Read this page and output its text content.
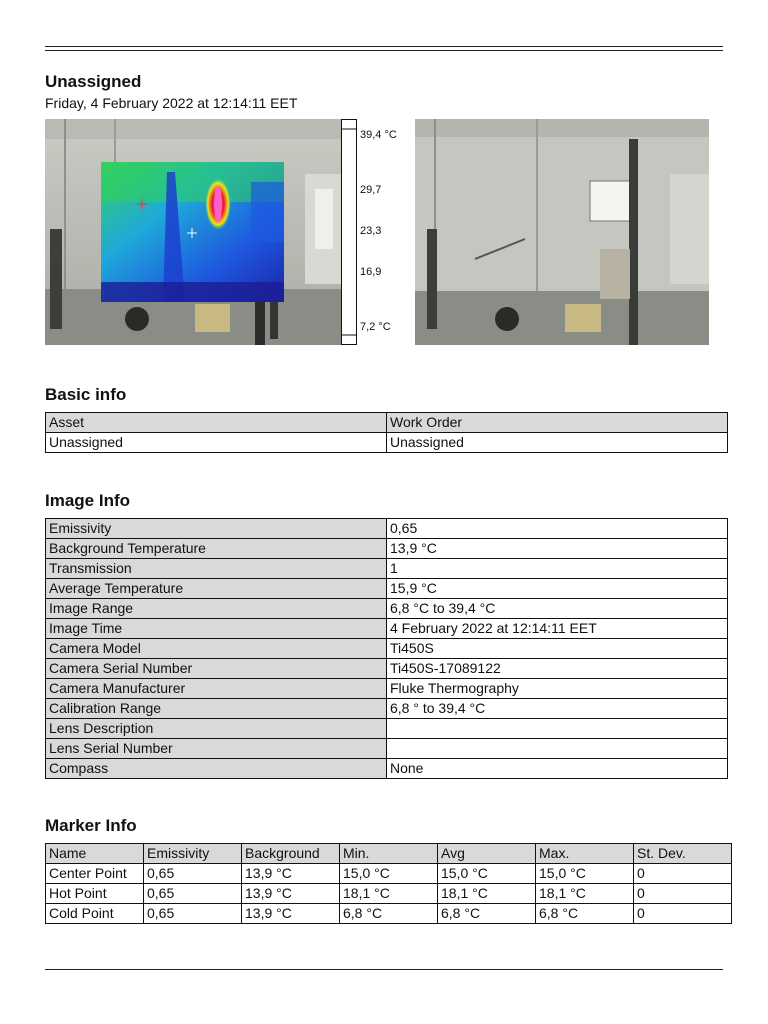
Unassigned
Friday, 4 February 2022 at 12:14:11 EET
39,4 °C
29,7
23,3
16,9
7,2 °C
Basic info
Asset	Work Order
Unassigned	Unassigned
Image Info
Emissivity	0,65
Background Temperature	13,9 °C
Transmission	1
Average Temperature	15,9 °C
Image Range	6,8 °C to 39,4 °C
Image Time	4 February 2022 at 12:14:11 EET
Camera Model	Ti450S
Camera Serial Number	Ti450S-17089122
Camera Manufacturer	Fluke Thermography
Calibration Range	6,8 ° to 39,4 °C
Lens Description	
Lens Serial Number	
Compass	None
Marker Info
Name	Emissivity	Background	Min.	Avg	Max.	St. Dev.
Center Point	0,65	13,9 °C	15,0 °C	15,0 °C	15,0 °C	0
Hot Point	0,65	13,9 °C	18,1 °C	18,1 °C	18,1 °C	0
Cold Point	0,65	13,9 °C	6,8 °C	6,8 °C	6,8 °C	0
